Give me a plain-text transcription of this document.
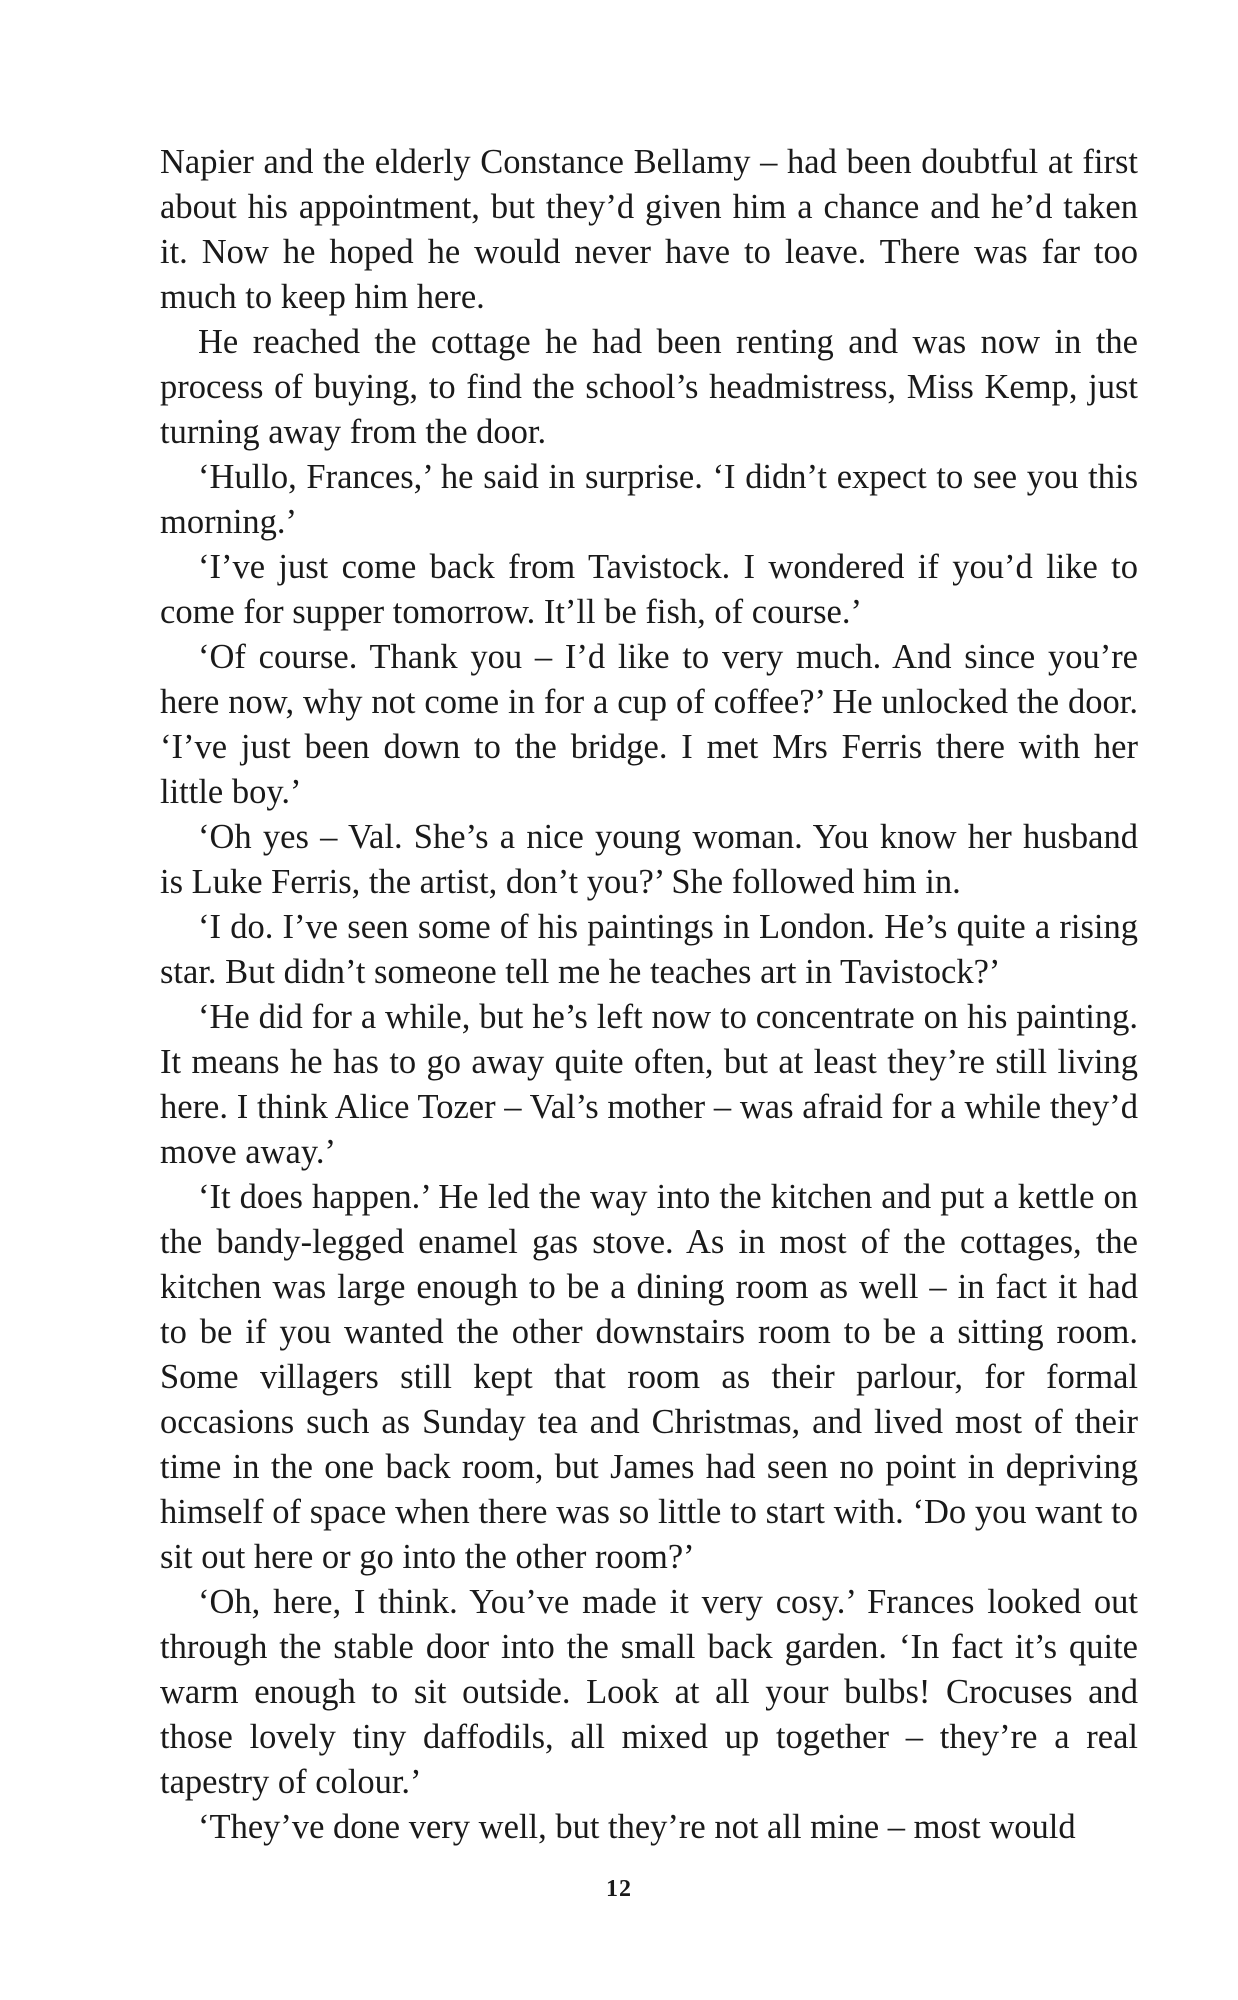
Napier and the elderly Constance Bellamy – had been doubtful at first about his appointment, but they’d given him a chance and he’d taken it. Now he hoped he would never have to leave. There was far too much to keep him here.

He reached the cottage he had been renting and was now in the process of buying, to find the school’s headmistress, Miss Kemp, just turning away from the door.

‘Hullo, Frances,’ he said in surprise. ‘I didn’t expect to see you this morning.’

‘I’ve just come back from Tavistock. I wondered if you’d like to come for supper tomorrow. It’ll be fish, of course.’

‘Of course. Thank you – I’d like to very much. And since you’re here now, why not come in for a cup of coffee?’ He unlocked the door. ‘I’ve just been down to the bridge. I met Mrs Ferris there with her little boy.’

‘Oh yes – Val. She’s a nice young woman. You know her husband is Luke Ferris, the artist, don’t you?’ She followed him in.

‘I do. I’ve seen some of his paintings in London. He’s quite a rising star. But didn’t someone tell me he teaches art in Tavistock?’

‘He did for a while, but he’s left now to concentrate on his painting. It means he has to go away quite often, but at least they’re still living here. I think Alice Tozer – Val’s mother – was afraid for a while they’d move away.’

‘It does happen.’ He led the way into the kitchen and put a kettle on the bandy-legged enamel gas stove. As in most of the cottages, the kitchen was large enough to be a dining room as well – in fact it had to be if you wanted the other downstairs room to be a sitting room. Some villagers still kept that room as their parlour, for formal occasions such as Sunday tea and Christmas, and lived most of their time in the one back room, but James had seen no point in depriving himself of space when there was so little to start with. ‘Do you want to sit out here or go into the other room?’

‘Oh, here, I think. You’ve made it very cosy.’ Frances looked out through the stable door into the small back garden. ‘In fact it’s quite warm enough to sit outside. Look at all your bulbs! Crocuses and those lovely tiny daffodils, all mixed up together – they’re a real tapestry of colour.’

‘They’ve done very well, but they’re not all mine – most would

12
